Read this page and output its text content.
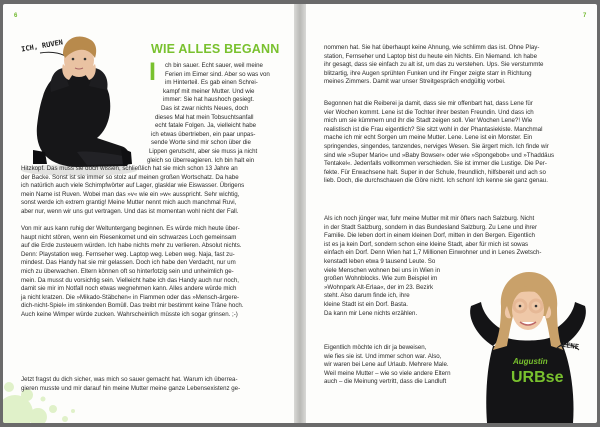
6
ICH, RUVEN	WIE ALLES BEGANN
I ch bin sauer. Echt sauer, weil meine
Ferien im Eimer sind. Aber so was von
im Hinterteil. Es gab einen Schrei-
kampf mit meiner Mutter. Und wie
immer: Sie hat haushoch gesiegt.
Das ist zwar nichts Neues, doch
dieses Mal hat mein Tobsuchtsanfall
echt fatale Folgen. Ja, vielleicht habe
ich etwas übertrieben, ein paar unpas-
sende Worte sind mir schon über die
Lippen gerutscht, aber sie muss ja nicht
gleich so überreagieren. Ich bin halt ein
Hitzkopf. Das muss sie doch wissen, schließlich hat sie mich schon 13 Jahre an
der Backe. Sonst ist sie immer so stolz auf meinen großen Wortschatz. Da habe
ich natürlich auch viele Schimpfwörter auf Lager, glasklar wie Eiswasser. Übrigens
mein Name ist Ruven. Wobei man das »v« wie ein »w« ausspricht. Sehr wichtig,
sonst werde ich extrem grantig! Meine Mutter nennt mich auch manchmal Ruvi,
aber nur, wenn wir uns gut vertragen. Und das ist momentan wohl nicht der Fall.
Von mir aus kann ruhig der Weltuntergang beginnen. Es würde mich heute über-
haupt nicht stören, wenn ein Riesenkomet und ein schwarzes Loch gemeinsam
auf die Erde zusteuern würden. Ich habe nichts mehr zu verlieren. Absolut nichts.
Denn: Playstation weg. Fernseher weg. Laptop weg. Leben weg. Naja, fast zu-
mindest. Das Handy hat sie mir gelassen. Doch ich habe den Verdacht, nur um
mich zu überwachen. Eltern können oft so hinterfotzig sein und unheimlich ge-
mein. Da musst du vorsichtig sein. Vielleicht habe ich das Handy auch nur noch,
damit sie mir im Notfall noch etwas wegnehmen kann. Alles andere würde mich
ja nicht kratzen. Die »Mikado-Stäbchen« in Flammen oder das »Mensch-ärgere-
dich-nicht-Spiel« im stinkenden Bomüll. Das treibt mir bestimmt keine Träne hoch.
Auch keine Wimper würde zucken. Wahrscheinlich müsste ich sogar grinsen. ;-)
Jetzt fragst du dich sicher, was mich so sauer gemacht hat. Warum ich überrea-
gieren musste und mir darauf hin meine Mutter meine ganze Lebensexistenz ge-
7
nommen hat. Sie hat überhaupt keine Ahnung, wie schlimm das ist. Ohne Play-
station, Fernseher und Laptop bist du heute ein Nichts. Ein Niemand. Ich habe
ihr gesagt, dass sie einfach zu alt ist, um das zu verstehen. Ups. Sie verstummte
blitzartig, ihre Augen sprühten Funken und ihr Finger zeigte starr in Richtung
meines Zimmers. Damit war unser Streitgespräch endgültig vorbei.
Begonnen hat die Reiberei ja damit, dass sie mir offenbart hat, dass Lene für
vier Wochen kommt. Lene ist die Tochter ihrer besten Freundin. Und dass ich
mich um sie kümmern und ihr die Stadt zeigen soll. Vier Wochen Lene?! Wie
realistisch ist die Frau eigentlich? Sie sitzt wohl in der Phantasiekiste. Manchmal
mache ich mir echt Sorgen um meine Mutter. Lene. Lene ist ein Monster. Ein
springendes, singendes, tanzendes, nerviges Wesen. Sie ärgert mich. Ich finde wir
sind wie »Super Mario« und »Baby Bowser« oder wie »Spongebob« und »Thaddäus
Tentakel«. Jedenfalls vollkommen verschieden. Sie ist immer die Lustige. Die Per-
fekte. Für Erwachsene halt. Super in der Schule, freundlich, hilfsbereit und ach so
lieb. Doch, die durchschauen die Göre nicht. Ich schon! Ich kenne sie ganz genau.
Als ich noch jünger war, fuhr meine Mutter mit mir öfters nach Salzburg. Nicht
in der Stadt Salzburg, sondern in das Bundesland Salzburg. Zu Lene und ihrer
Familie. Die leben dort in einem kleinen Dorf, mitten in den Bergen. Eigentlich
ist es ja kein Dorf, sondern schon eine kleine Stadt, aber für mich ist sowas
einfach ein Dorf. Denn Wien hat 1,7 Millionen Einwohner und in Lenes Zwetsch-
kenstadt leben etwa 9 tausend Leute. So
viele Menschen wohnen bei uns in Wien in
großen Wohnblocks. Wie zum Beispiel im
»Wohnpark Alt-Erlaa«, der im 23. Bezirk
steht. Also darum finde ich, ihre
kleine Stadt ist ein Dorf. Basta.
Da kann mir Lene nichts erzählen.
Eigentlich möchte ich dir ja beweisen,
wie fies sie ist. Und immer schon war. Also,
wir waren bei Lene auf Urlaub. Mehrere Male.
Weil meine Mutter – wie so viele andere Eltern
auch – die Meinung vertritt, dass die Landluft
Augustin
URBse
LENE
